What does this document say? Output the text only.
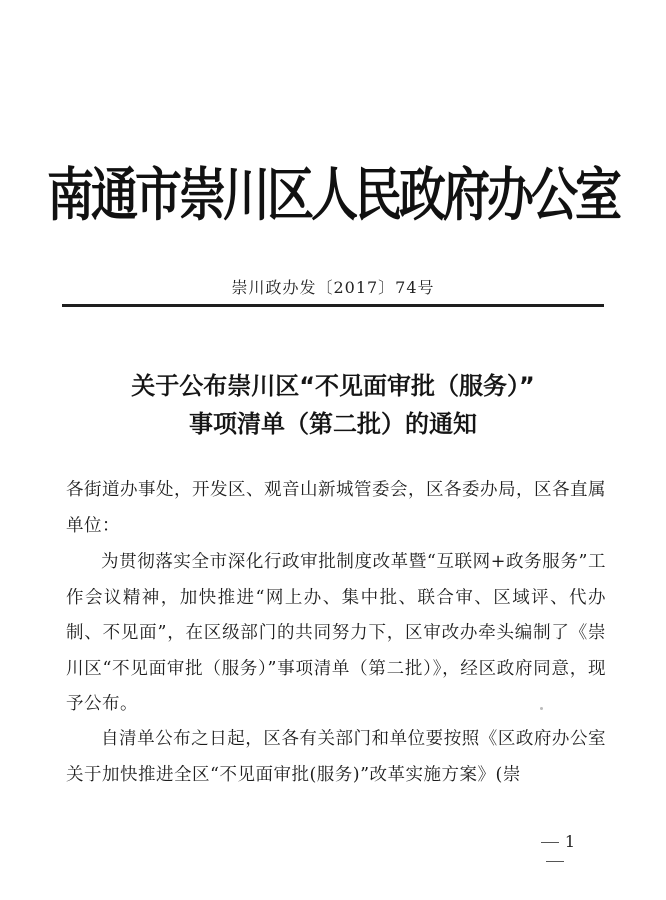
南通市崇川区人民政府办公室
崇川政办发〔2017〕74号
关于公布崇川区“不见面审批（服务）”
事项清单（第二批）的通知
各街道办事处，开发区、观音山新城管委会，区各委办局，区各直属单位：
为贯彻落实全市深化行政审批制度改革暨“互联网+政务服务”工作会议精神，加快推进“网上办、集中批、联合审、区域评、代办制、不见面”，在区级部门的共同努力下，区审改办牵头编制了《崇川区“不见面审批（服务）”事项清单（第二批）》，经区政府同意，现予公布。
自清单公布之日起，区各有关部门和单位要按照《区政府办公室关于加快推进全区“不见面审批(服务)”改革实施方案》(崇
1
